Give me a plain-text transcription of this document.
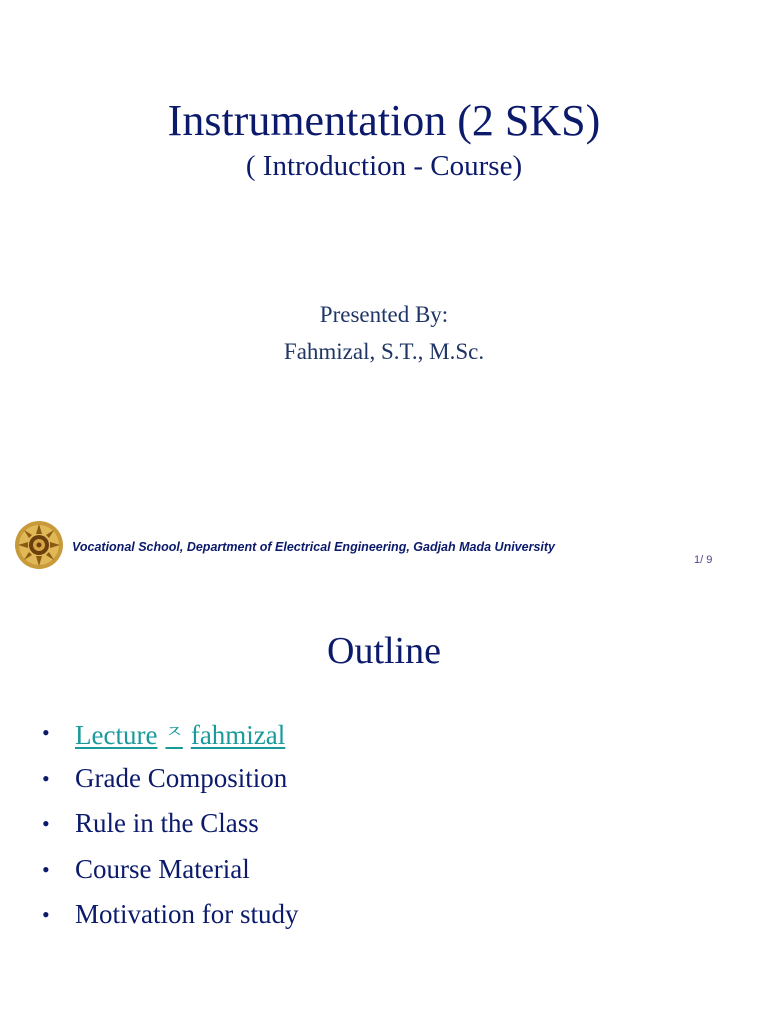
Instrumentation (2 SKS)
( Introduction - Course)
Presented By:
Fahmizal, S.T., M.Sc.
Vocational School, Department of Electrical Engineering, Gadjah Mada University
1/ 9
Outline
• Lecture $^ㅈ$ fahmizal
• Grade Composition
• Rule in the Class
• Course Material
• Motivation for study
